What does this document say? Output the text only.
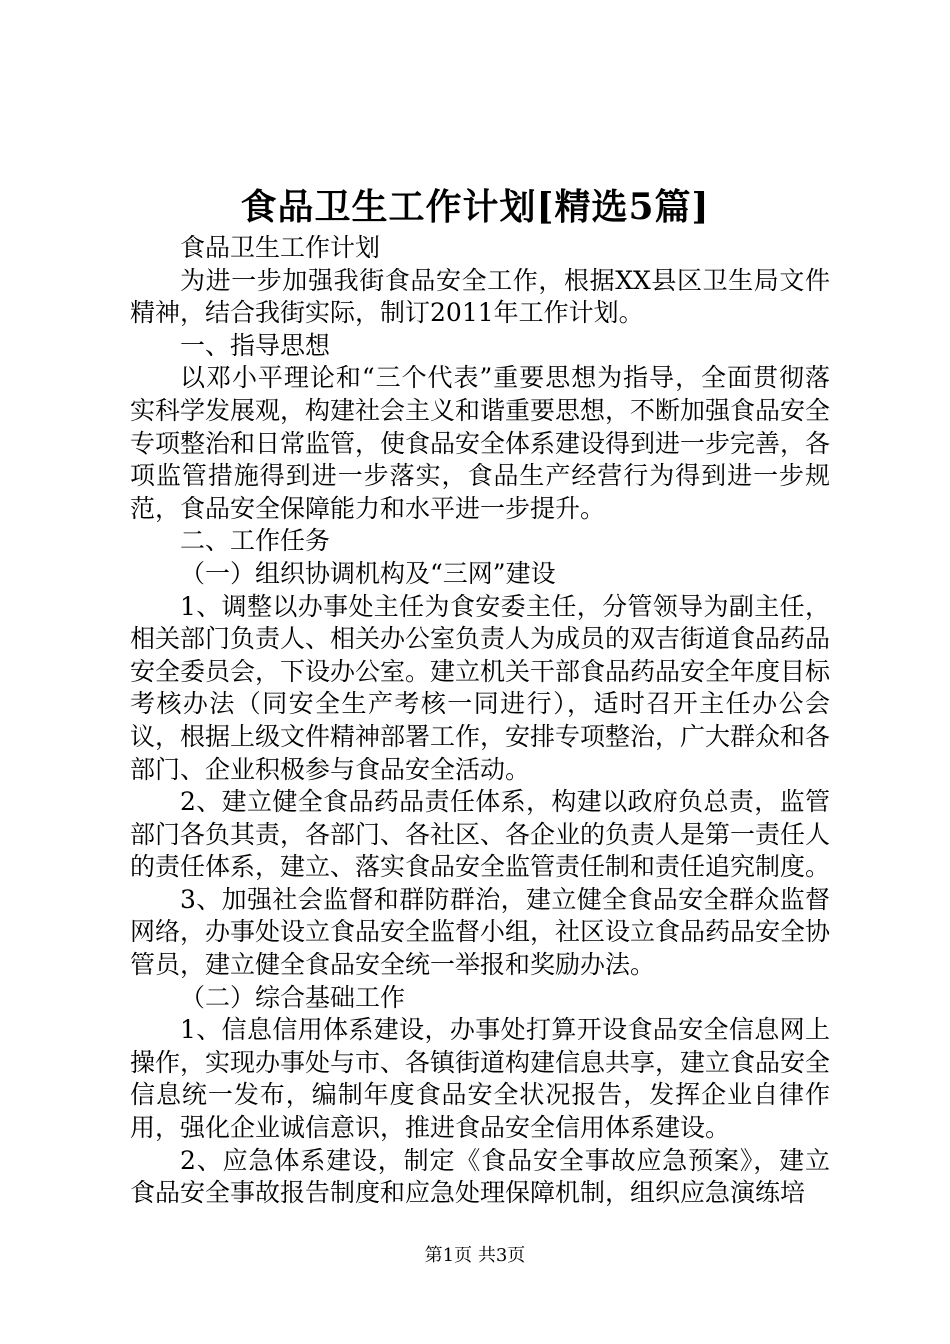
食品卫生工作计划[精选5篇]

食品卫生工作计划

为进一步加强我街食品安全工作，根据XX县区卫生局文件精神，结合我街实际，制订2011年工作计划。

一、指导思想

以邓小平理论和“三个代表”重要思想为指导，全面贯彻落实科学发展观，构建社会主义和谐重要思想，不断加强食品安全专项整治和日常监管，使食品安全体系建设得到进一步完善，各项监管措施得到进一步落实，食品生产经营行为得到进一步规范，食品安全保障能力和水平进一步提升。

二、工作任务

（一）组织协调机构及“三网”建设

1、调整以办事处主任为食安委主任，分管领导为副主任，相关部门负责人、相关办公室负责人为成员的双吉街道食品药品安全委员会，下设办公室。建立机关干部食品药品安全年度目标考核办法（同安全生产考核一同进行），适时召开主任办公会议，根据上级文件精神部署工作，安排专项整治，广大群众和各部门、企业积极参与食品安全活动。

2、建立健全食品药品责任体系，构建以政府负总责，监管部门各负其责，各部门、各社区、各企业的负责人是第一责任人的责任体系，建立、落实食品安全监管责任制和责任追究制度。

3、加强社会监督和群防群治，建立健全食品安全群众监督网络，办事处设立食品安全监督小组，社区设立食品药品安全协管员，建立健全食品安全统一举报和奖励办法。

（二）综合基础工作

1、信息信用体系建设，办事处打算开设食品安全信息网上操作，实现办事处与市、各镇街道构建信息共享，建立食品安全信息统一发布，编制年度食品安全状况报告，发挥企业自律作用，强化企业诚信意识，推进食品安全信用体系建设。

2、应急体系建设，制定《食品安全事故应急预案》，建立食品安全事故报告制度和应急处理保障机制，组织应急演练培

第1页 共3页
